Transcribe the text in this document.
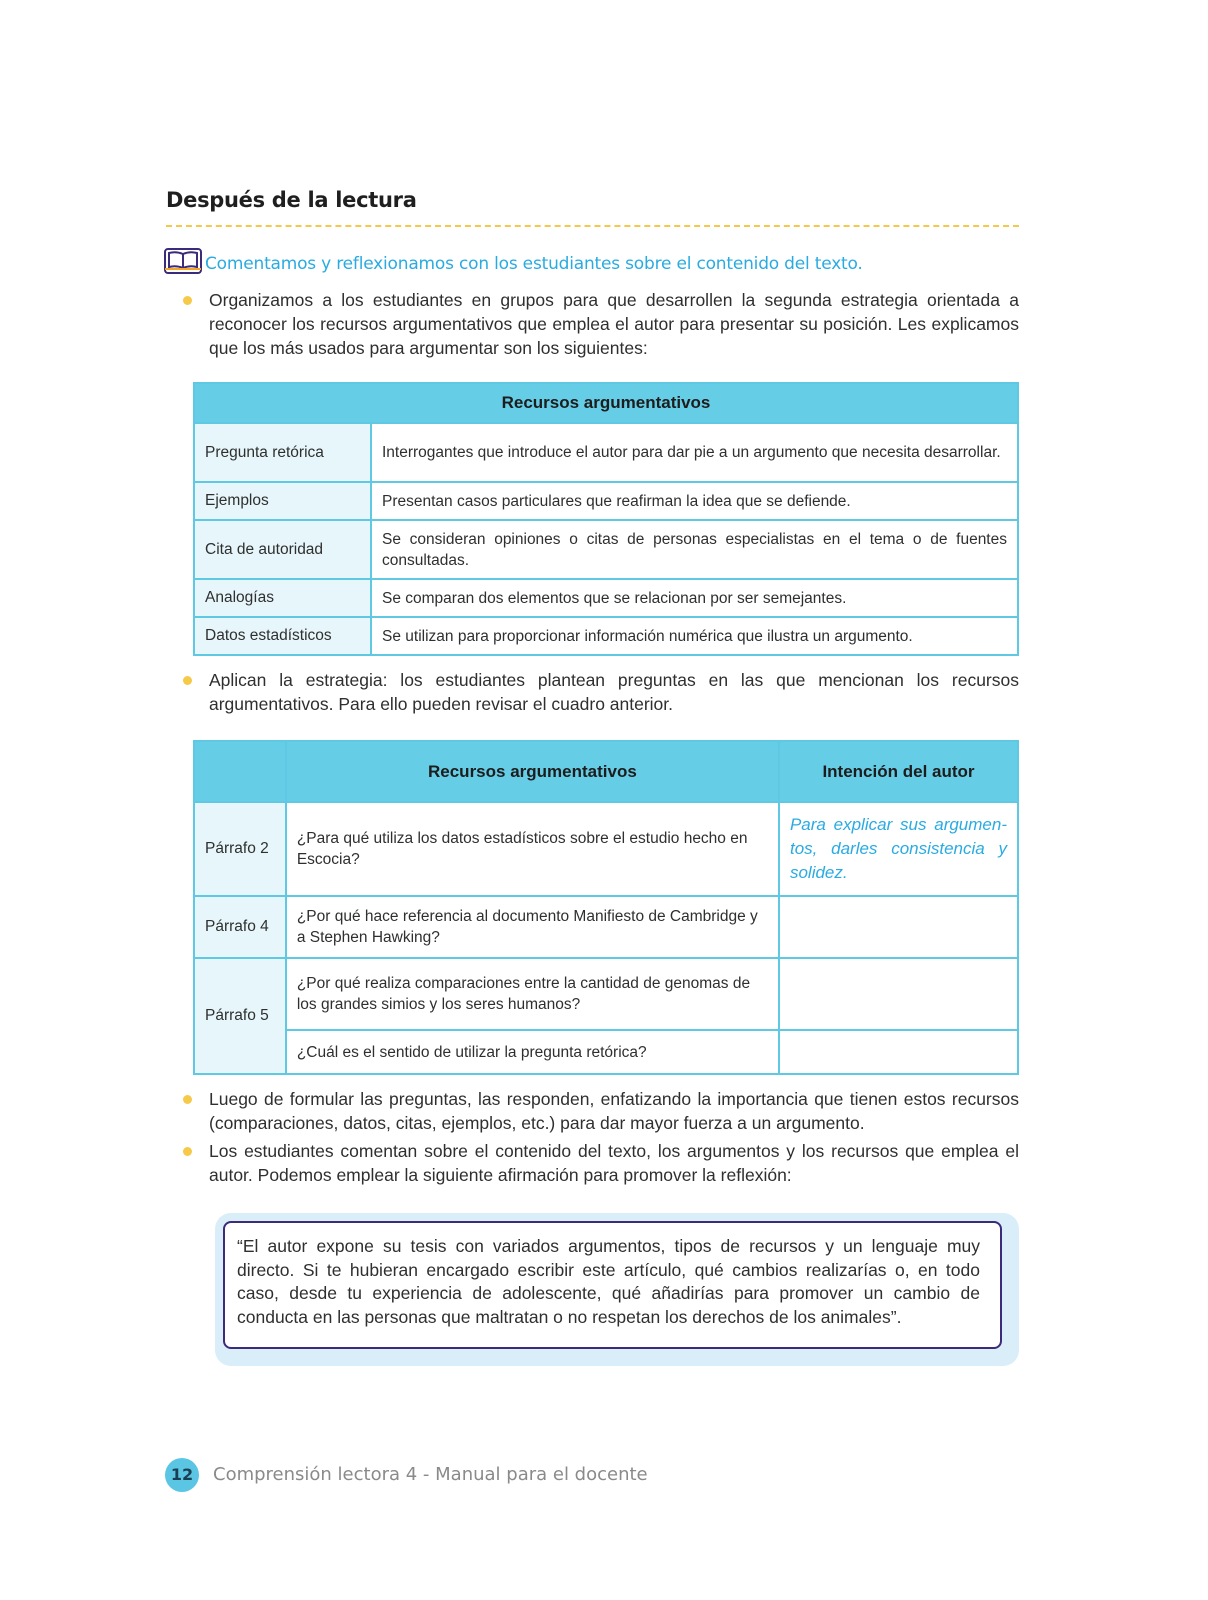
Después de la lectura
Comentamos y reflexionamos con los estudiantes sobre el contenido del texto.
Organizamos a los estudiantes en grupos para que desarrollen la segunda estrategia orientada a reconocer los recursos argumentativos que emplea el autor para presentar su posición. Les explicamos que los más usados para argumentar son los siguientes:
Recursos argumentativos	
Pregunta retórica	Interrogantes que introduce el autor para dar pie a un argumento que necesita desarrollar.
Ejemplos	Presentan casos particulares que reafirman la idea que se defiende.
Cita de autoridad	Se consideran opiniones o citas de personas especialistas en el tema o de fuentes consultadas.
Analogías	Se comparan dos elementos que se relacionan por ser semejantes.
Datos estadísticos	Se utilizan para proporcionar información numérica que ilustra un argumento.
Aplican la estrategia: los estudiantes plantean preguntas en las que mencionan los recursos argumentativos. Para ello pueden revisar el cuadro anterior.
	Recursos argumentativos	Intención del autor
Párrafo 2	¿Para qué utiliza los datos estadísticos sobre el estudio hecho en Escocia?	Para explicar sus argumen-tos, darles consistencia y solidez.

Párrafo 4	¿Por qué hace referencia al documento Manifiesto de Cambridge y a Stephen Hawking?	
Párrafo 5	¿Por qué realiza comparaciones entre la cantidad de genomas de los grandes simios y los seres humanos?	
	¿Cuál es el sentido de utilizar la pregunta retórica?	
Luego de formular las preguntas, las responden, enfatizando la importancia que tienen estos recursos (comparaciones, datos, citas, ejemplos, etc.) para dar mayor fuerza a un argumento.
Los estudiantes comentan sobre el contenido del texto, los argumentos y los recursos que emplea el autor. Podemos emplear la siguiente afirmación para promover la reflexión:
“El autor expone su tesis con variados argumentos, tipos de recursos y un lenguaje muy directo. Si te hubieran encargado escribir este artículo, qué cambios realizarías o, en todo caso, desde tu experiencia de adolescente, qué añadirías para promover un cambio de conducta en las personas que maltratan o no respetan los derechos de los animales”.
12	Comprensión lectora 4 - Manual para el docente
